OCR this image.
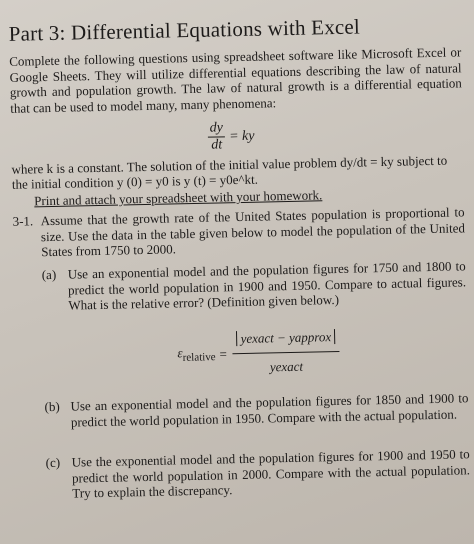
Part 3: Differential Equations with Excel
Complete the following questions using spreadsheet software like Microsoft Excel or Google Sheets. They will utilize differential equations describing the law of natural growth and population growth. The law of natural growth is a differential equation that can be used to model many, many phenomena:
$\frac{dy}{dt}$ = ky
where k is a constant. The solution of the initial value problem dy/dt = ky subject to the initial condition y (0) = y0 is y (t) = y0e^kt.
Print and attach your spreadsheet with your homework.
3-1. Assume that the growth rate of the United States population is proportional to size. Use the data in the table given below to model the population of the United States from 1750 to 2000.
(a) Use an exponential model and the population figures for 1750 and 1800 to predict the world population in 1900 and 1950. Compare to actual figures. What is the relative error? (Definition given below.)
$\varepsilon_{relative}$ =
yexact − yapprox
yexact
(b) Use an exponential model and the population figures for 1850 and 1900 to predict the world population in 1950. Compare with the actual population.
(c) Use the exponential model and the population figures for 1900 and 1950 to predict the world population in 2000. Compare with the actual population. Try to explain the discrepancy.
